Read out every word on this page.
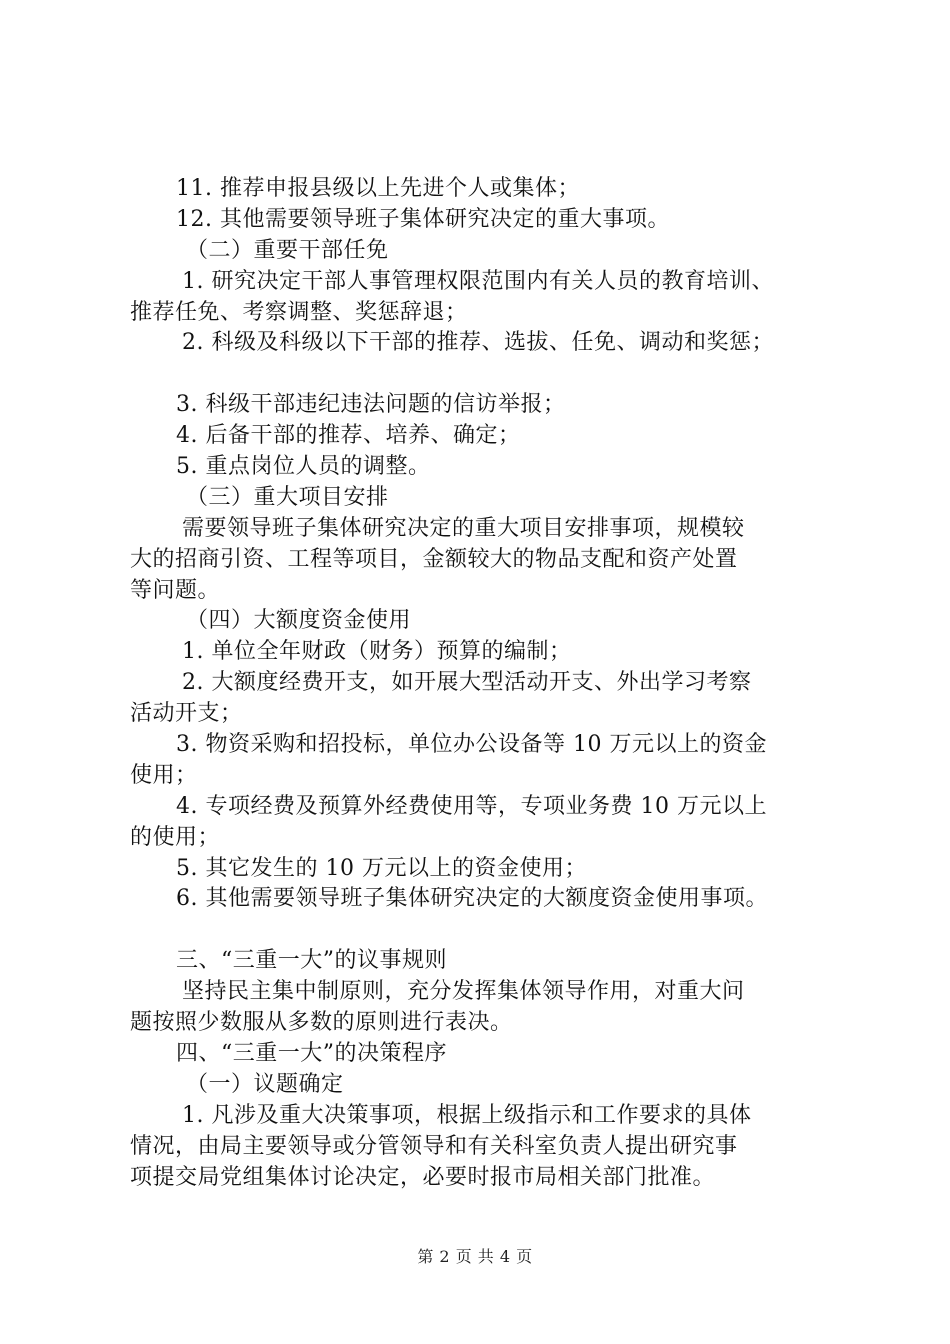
11. 推荐申报县级以上先进个人或集体；
12. 其他需要领导班子集体研究决定的重大事项。
（二）重要干部任免
1. 研究决定干部人事管理权限范围内有关人员的教育培训、
推荐任免、考察调整、奖惩辞退；
2. 科级及科级以下干部的推荐、选拔、任免、调动和奖惩；
3. 科级干部违纪违法问题的信访举报；
4. 后备干部的推荐、培养、确定；
5. 重点岗位人员的调整。
（三）重大项目安排
需要领导班子集体研究决定的重大项目安排事项，规模较
大的招商引资、工程等项目，金额较大的物品支配和资产处置
等问题。
（四）大额度资金使用
1. 单位全年财政（财务）预算的编制；
2. 大额度经费开支，如开展大型活动开支、外出学习考察
活动开支；
3. 物资采购和招投标，单位办公设备等 10 万元以上的资金
使用；
4. 专项经费及预算外经费使用等，专项业务费 10 万元以上
的使用；
5. 其它发生的 10 万元以上的资金使用；
6. 其他需要领导班子集体研究决定的大额度资金使用事项。
三、“三重一大”的议事规则
坚持民主集中制原则，充分发挥集体领导作用，对重大问
题按照少数服从多数的原则进行表决。
四、“三重一大”的决策程序
（一）议题确定
1. 凡涉及重大决策事项，根据上级指示和工作要求的具体
情况，由局主要领导或分管领导和有关科室负责人提出研究事
项提交局党组集体讨论决定，必要时报市局相关部门批准。
第 2 页 共 4 页
